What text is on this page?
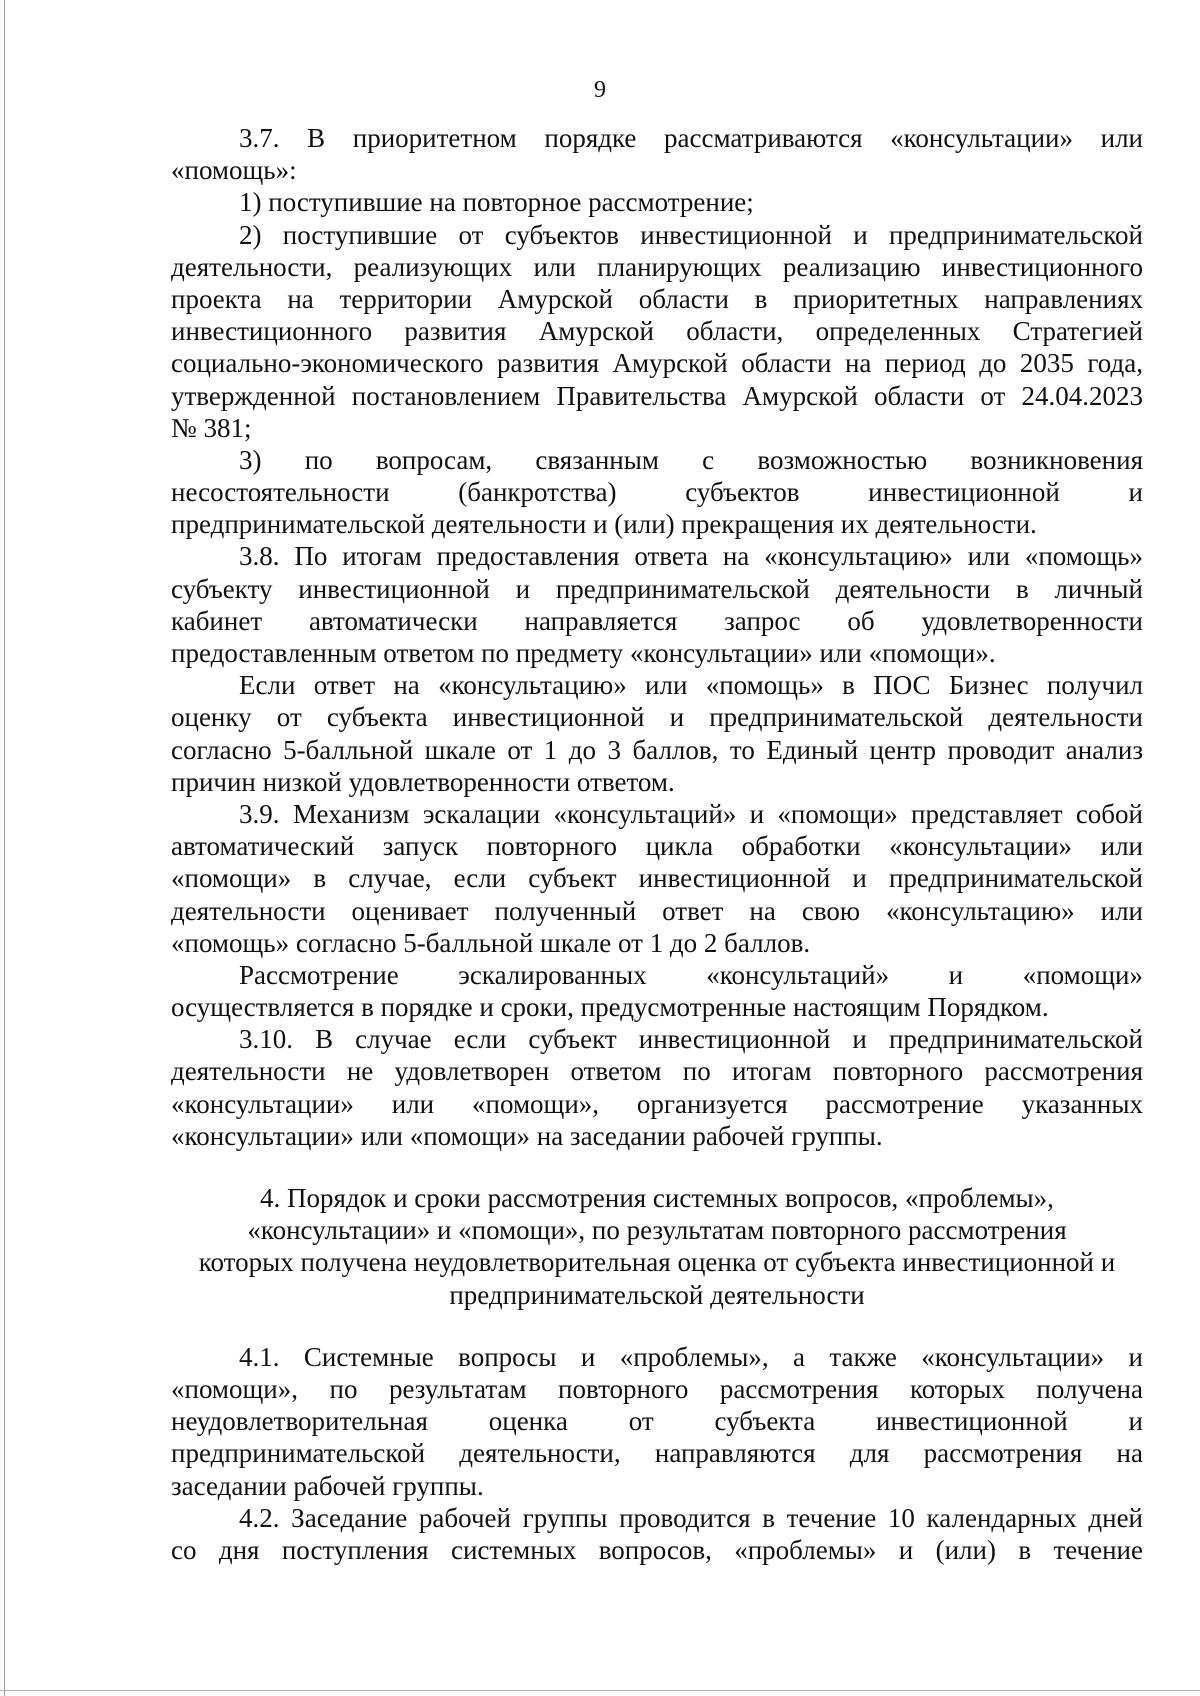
9
3.7. В приоритетном порядке рассматриваются «консультации» или
«помощь»:
1) поступившие на повторное рассмотрение;
2) поступившие от субъектов инвестиционной и предпринимательской
деятельности, реализующих или планирующих реализацию инвестиционного
проекта на территории Амурской области в приоритетных направлениях
инвестиционного развития Амурской области, определенных Стратегией
социально-экономического развития Амурской области на период до 2035 года,
утвержденной постановлением Правительства Амурской области от 24.04.2023
№ 381;
3) по вопросам, связанным с возможностью возникновения
несостоятельности (банкротства) субъектов инвестиционной и
предпринимательской деятельности и (или) прекращения их деятельности.
3.8. По итогам предоставления ответа на «консультацию» или «помощь»
субъекту инвестиционной и предпринимательской деятельности в личный
кабинет автоматически направляется запрос об удовлетворенности
предоставленным ответом по предмету «консультации» или «помощи».
Если ответ на «консультацию» или «помощь» в ПОС Бизнес получил
оценку от субъекта инвестиционной и предпринимательской деятельности
согласно 5-балльной шкале от 1 до 3 баллов, то Единый центр проводит анализ
причин низкой удовлетворенности ответом.
3.9. Механизм эскалации «консультаций» и «помощи» представляет собой
автоматический запуск повторного цикла обработки «консультации» или
«помощи» в случае, если субъект инвестиционной и предпринимательской
деятельности оценивает полученный ответ на свою «консультацию» или
«помощь» согласно 5-балльной шкале от 1 до 2 баллов.
Рассмотрение эскалированных «консультаций» и «помощи»
осуществляется в порядке и сроки, предусмотренные настоящим Порядком.
3.10. В случае если субъект инвестиционной и предпринимательской
деятельности не удовлетворен ответом по итогам повторного рассмотрения
«консультации» или «помощи», организуется рассмотрение указанных
«консультации» или «помощи» на заседании рабочей группы.
4. Порядок и сроки рассмотрения системных вопросов, «проблемы»,
«консультации» и «помощи», по результатам повторного рассмотрения
которых получена неудовлетворительная оценка от субъекта инвестиционной и
предпринимательской деятельности
4.1. Системные вопросы и «проблемы», а также «консультации» и
«помощи», по результатам повторного рассмотрения которых получена
неудовлетворительная оценка от субъекта инвестиционной и
предпринимательской деятельности, направляются для рассмотрения на
заседании рабочей группы.
4.2. Заседание рабочей группы проводится в течение 10 календарных дней
со дня поступления системных вопросов, «проблемы» и (или) в течение
